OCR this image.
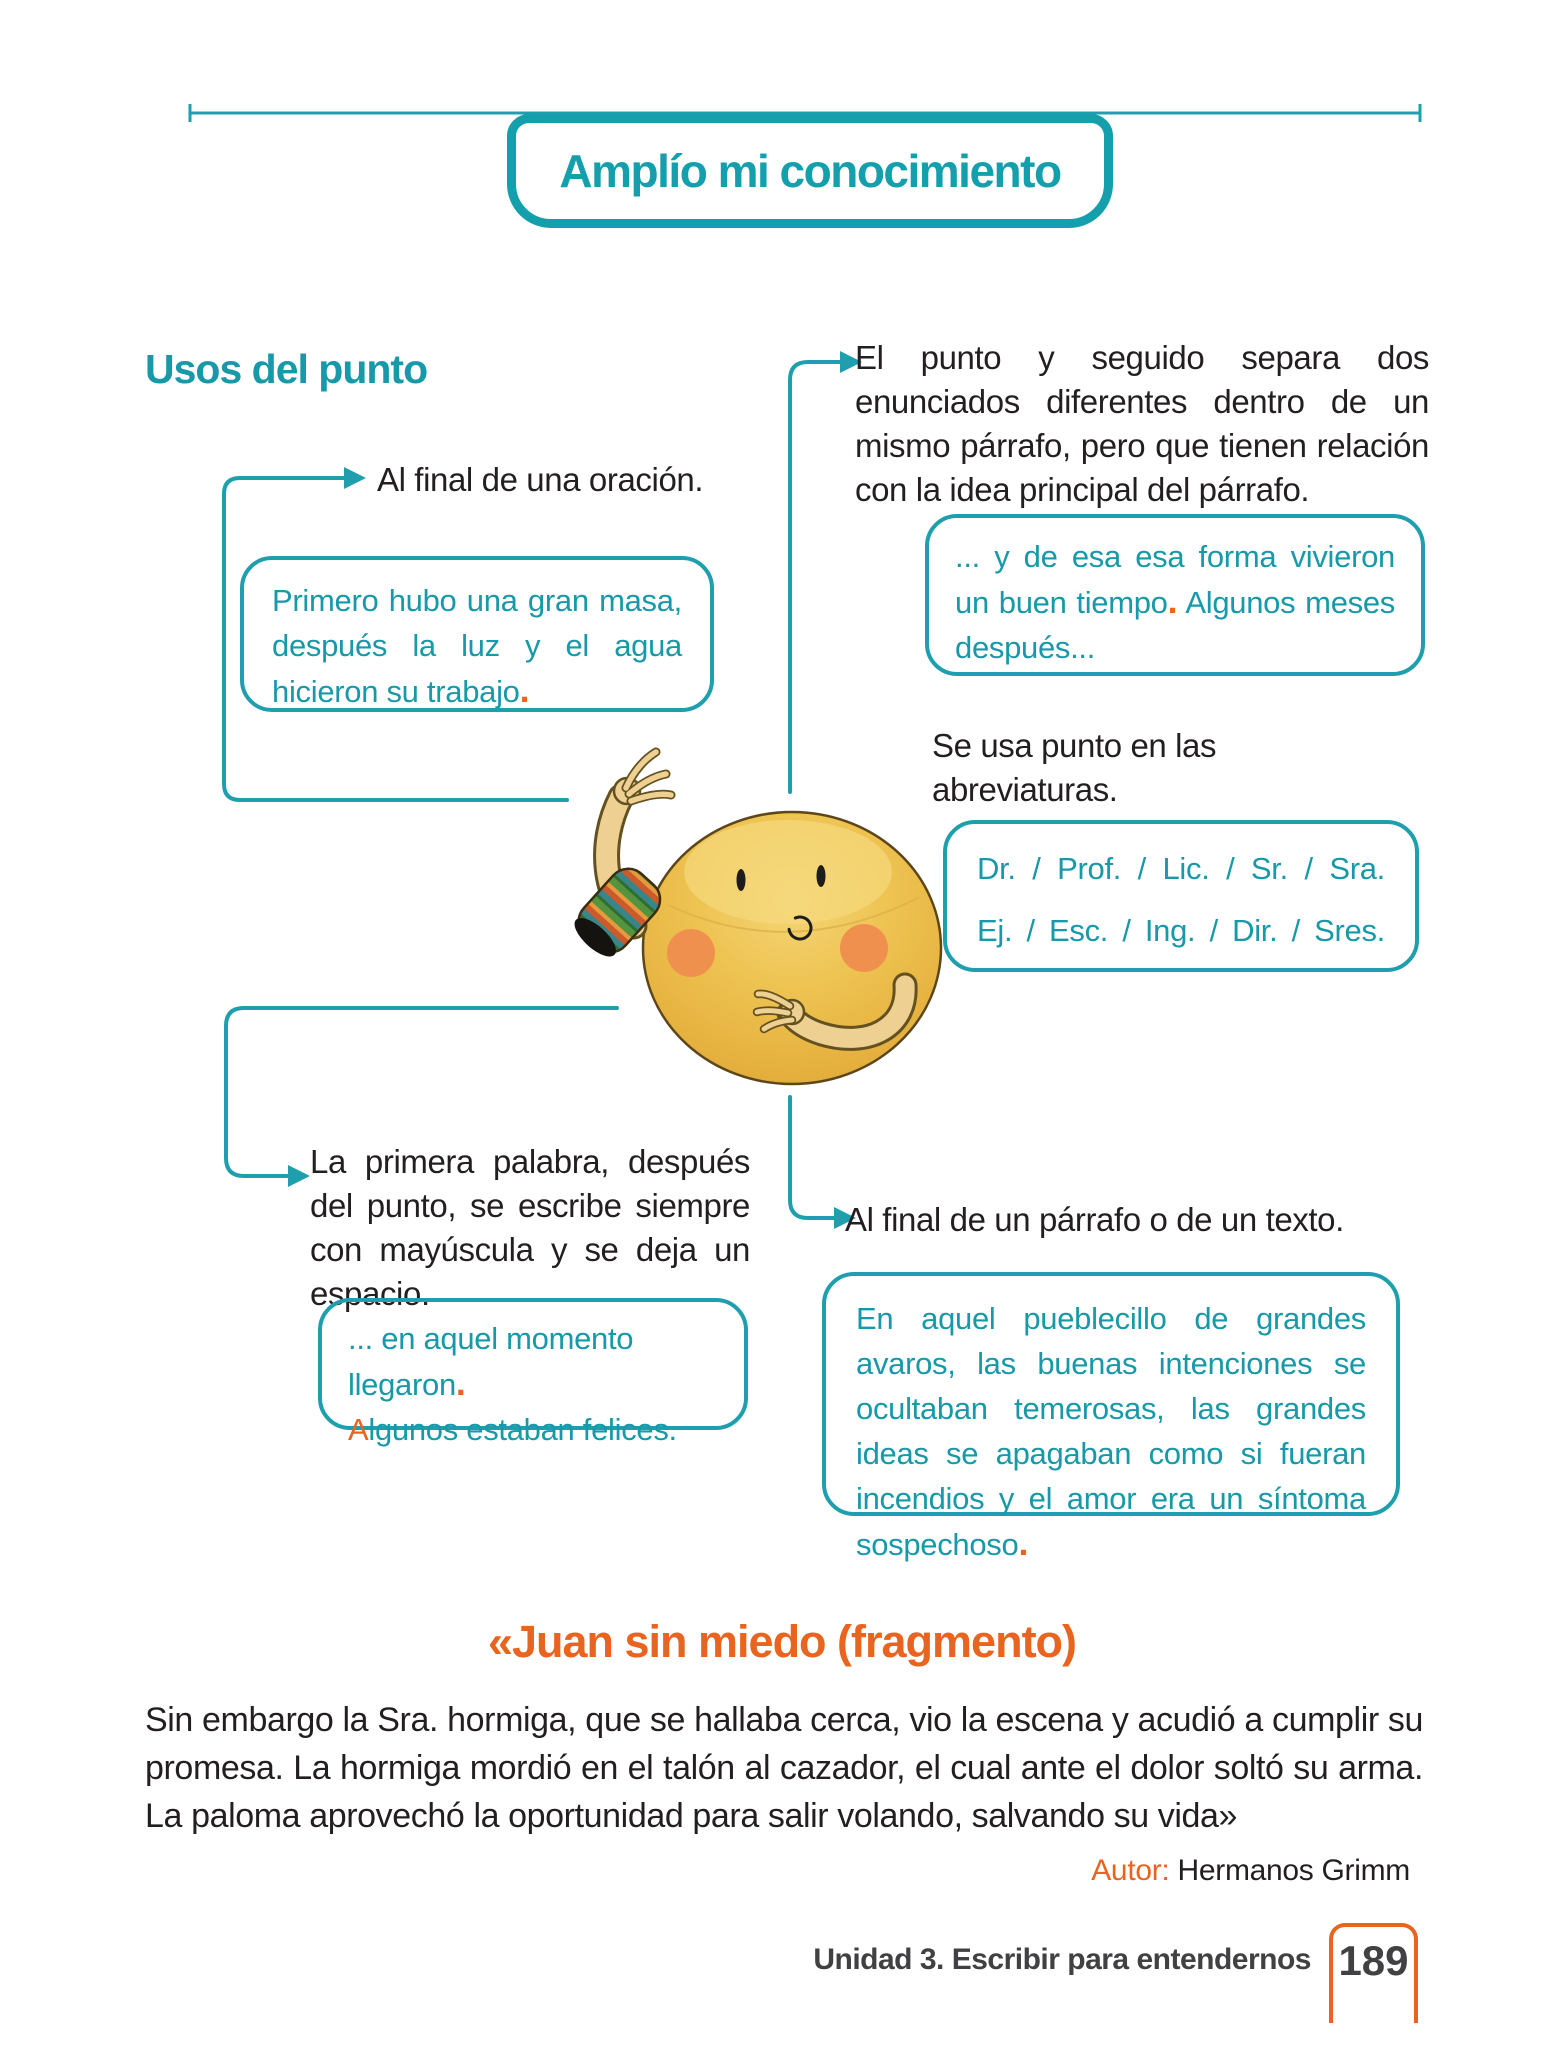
Amplío mi conocimiento
Usos del punto
Al final de una oración.
Primero hubo una gran masa, después la luz y el agua hicieron su trabajo.
El punto y seguido separa dos enunciados diferentes dentro de un mismo párrafo, pero que tienen relación con la idea principal del párrafo.
... y de esa esa forma vivieron un buen tiempo. Algunos meses después...
Se usa punto en las abreviaturas.
Dr. / Prof. / Lic. / Sr. / Sra.
Ej. / Esc. / Ing. / Dir. / Sres.
La primera palabra, después del punto, se escribe siempre con mayúscula y se deja un espacio.
... en aquel momento llegaron.
Algunos estaban felices.
Al final de un párrafo o de un texto.
En aquel pueblecillo de grandes avaros, las buenas intenciones se ocultaban temerosas, las grandes ideas se apagaban como si fueran incendios y el amor era un síntoma sospechoso.
«Juan sin miedo (fragmento)
Sin embargo la Sra. hormiga, que se hallaba cerca, vio la escena y acudió a cumplir su promesa. La hormiga mordió en el talón al cazador, el cual ante el dolor soltó su arma. La paloma aprovechó la oportunidad para salir volando, salvando su vida»
Autor: Hermanos Grimm
Unidad 3. Escribir para entendernos 189
